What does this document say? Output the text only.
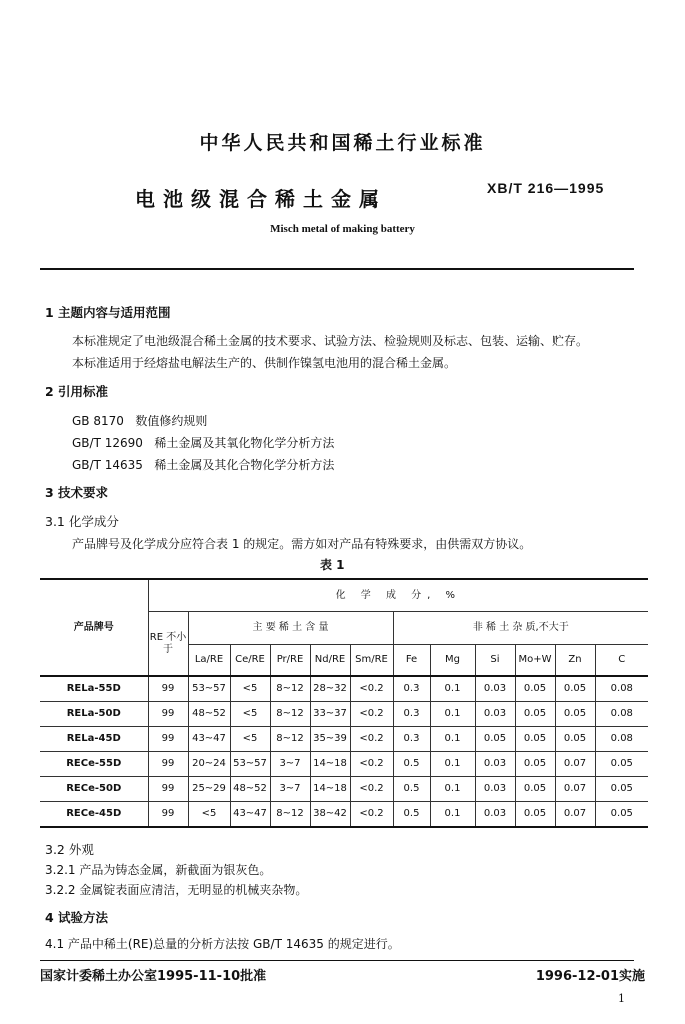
中华人民共和国稀土行业标准
电池级混合稀土金属	XB/T 216—1995
Misch metal of making battery
1 主题内容与适用范围
本标准规定了电池级混合稀土金属的技术要求、试验方法、检验规则及标志、包装、运输、贮存。
本标准适用于经熔盐电解法生产的、供制作镍氢电池用的混合稀土金属。
2 引用标准
GB 8170   数值修约规则
GB/T 12690   稀土金属及其氧化物化学分析方法
GB/T 14635   稀土金属及其化合物化学分析方法
3 技术要求
3.1 化学成分
产品牌号及化学成分应符合表 1 的规定。需方如对产品有特殊要求，由供需双方协议。
表 1
产品牌号	化 学 成 分, %											
	RE 不小于	主 要 稀 土 含 量					非 稀 土 杂 质,不大于					
		La/RE	Ce/RE	Pr/RE	Nd/RE	Sm/RE	Fe	Mg	Si	Mo+W	Zn	C
RELa-55D	99	53~57	<5	8~12	28~32	<0.2	0.3	0.1	0.03	0.05	0.05	0.08
RELa-50D	99	48~52	<5	8~12	33~37	<0.2	0.3	0.1	0.03	0.05	0.05	0.08
RELa-45D	99	43~47	<5	8~12	35~39	<0.2	0.3	0.1	0.05	0.05	0.05	0.08
RECe-55D	99	20~24	53~57	3~7	14~18	<0.2	0.5	0.1	0.03	0.05	0.07	0.05
RECe-50D	99	25~29	48~52	3~7	14~18	<0.2	0.5	0.1	0.03	0.05	0.07	0.05
RECe-45D	99	<5	43~47	8~12	38~42	<0.2	0.5	0.1	0.03	0.05	0.07	0.05
3.2 外观
3.2.1 产品为铸态金属，新截面为银灰色。
3.2.2 金属锭表面应清洁，无明显的机械夹杂物。
4 试验方法
4.1 产品中稀土(RE)总量的分析方法按 GB/T 14635 的规定进行。
国家计委稀土办公室1995-11-10批准	1996-12-01实施
1
